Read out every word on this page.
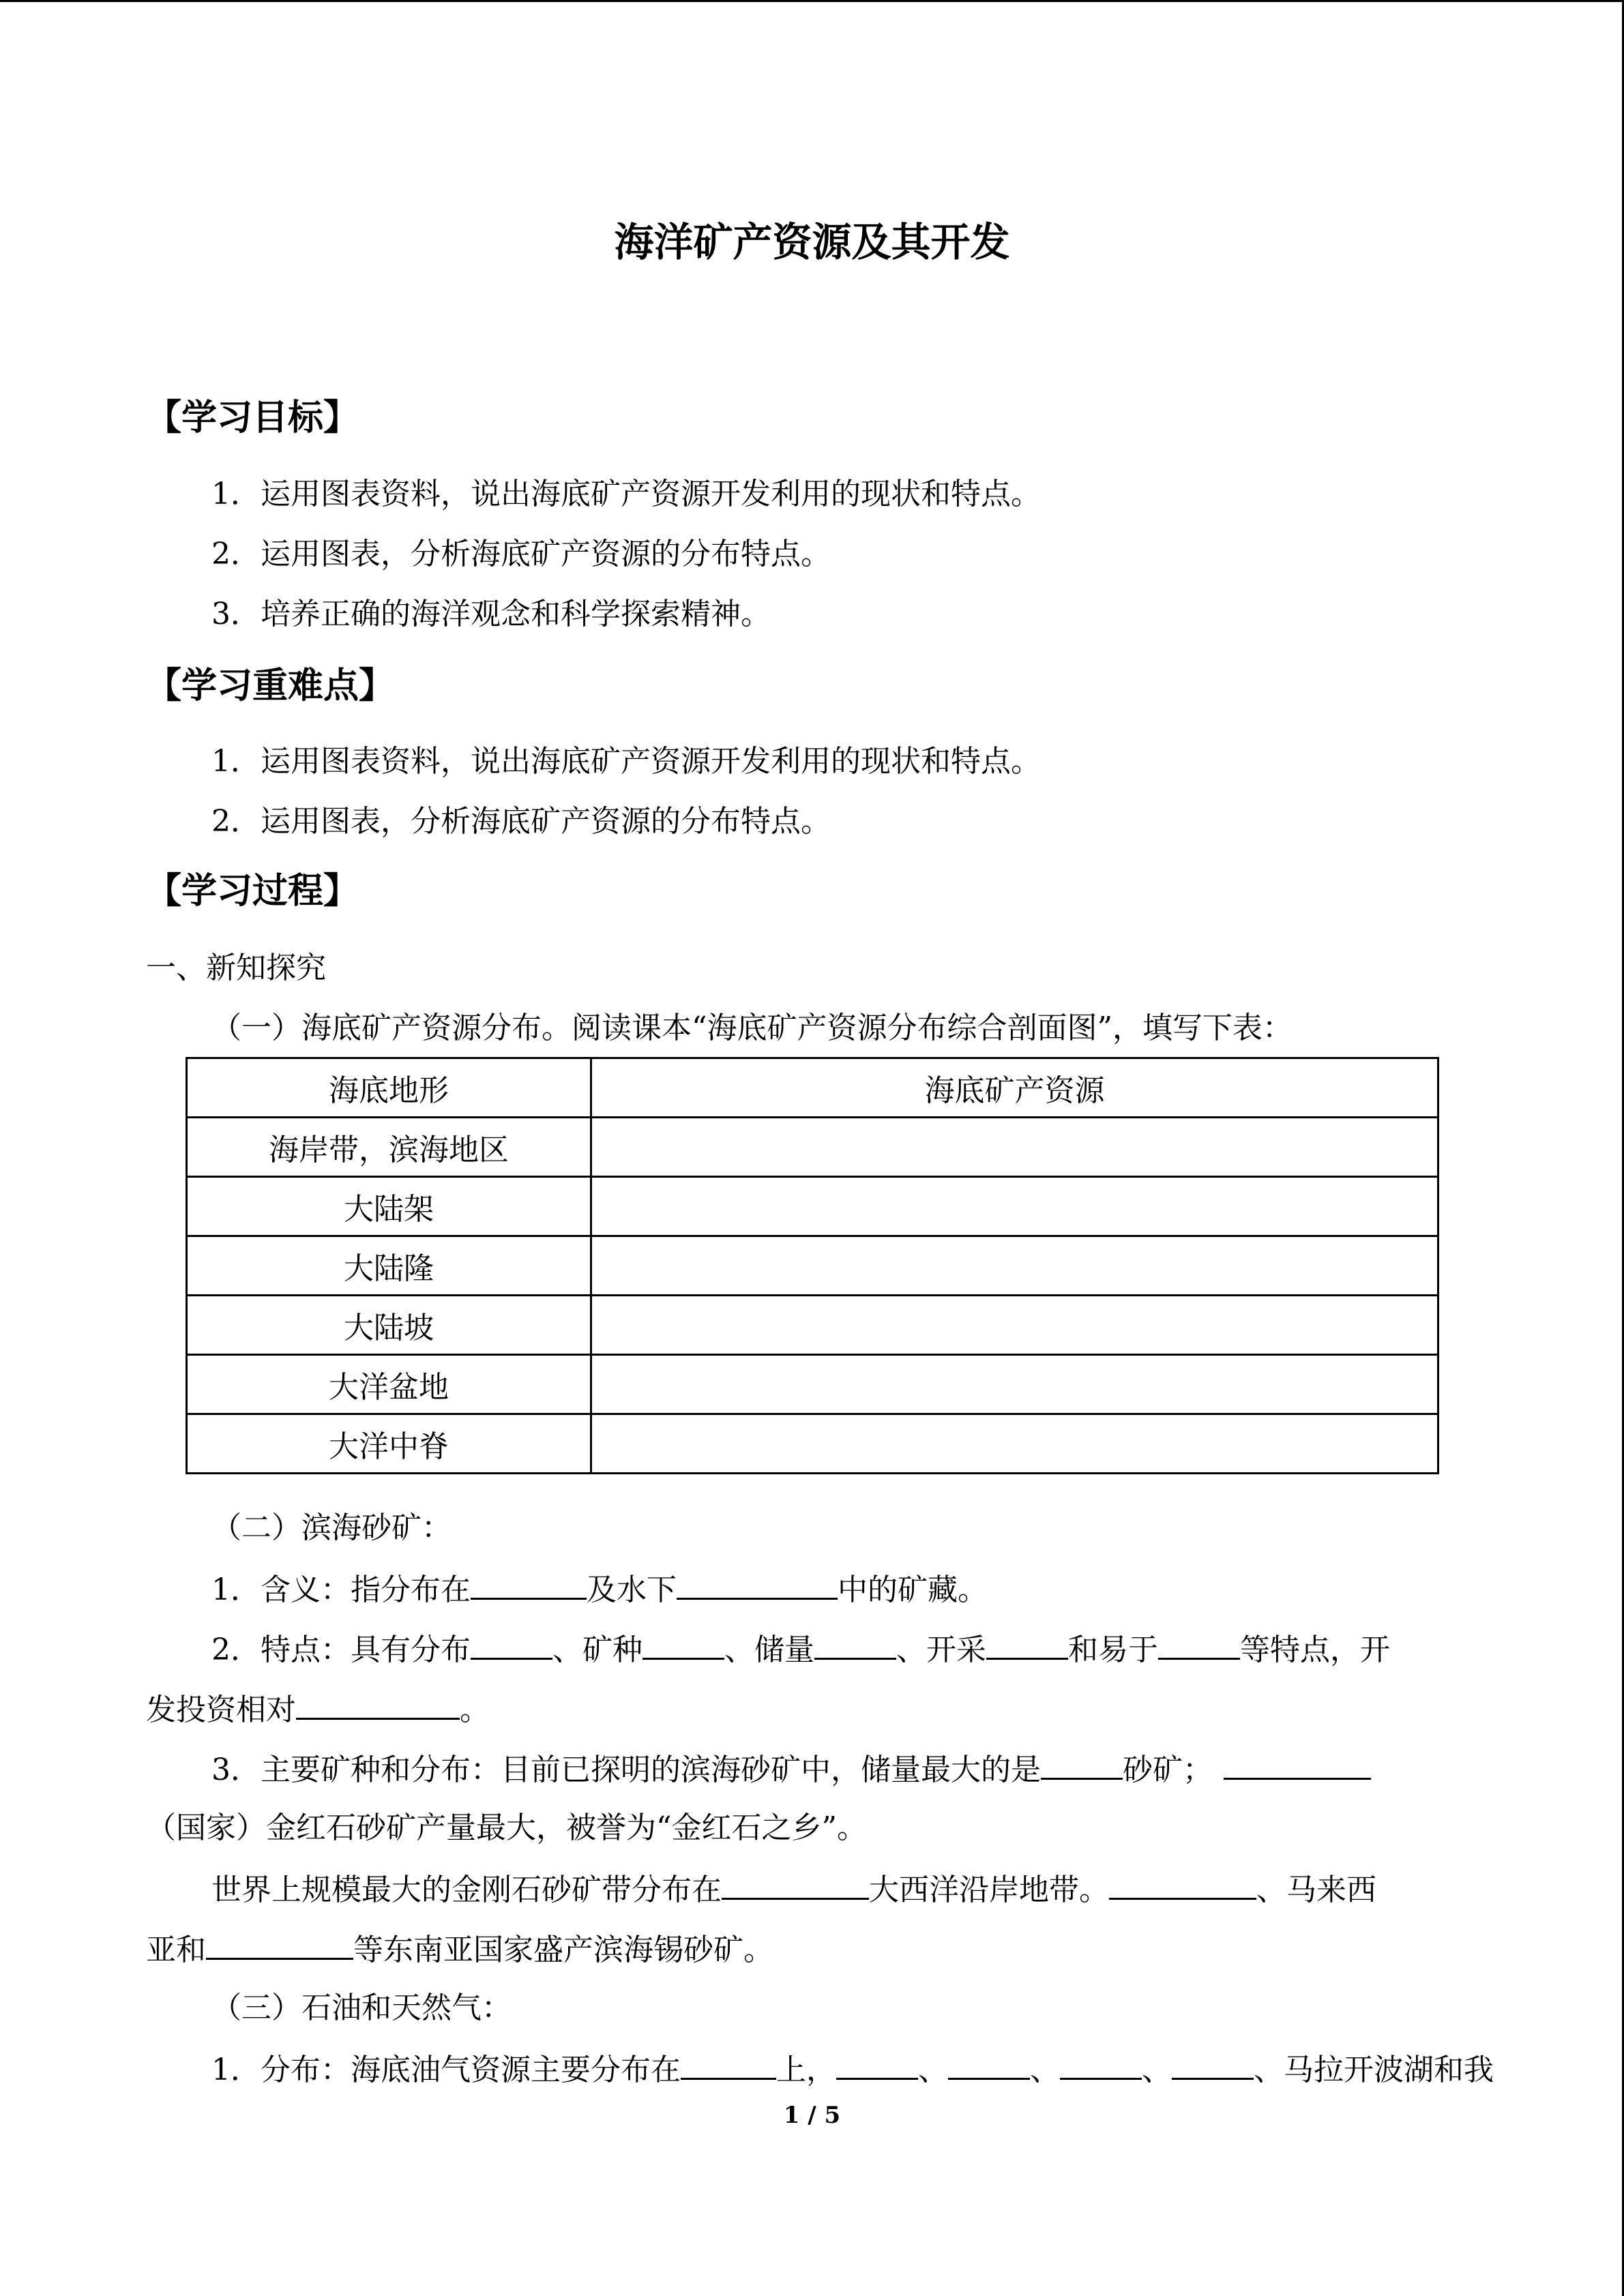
海洋矿产资源及其开发
【学习目标】
1．运用图表资料，说出海底矿产资源开发利用的现状和特点。
2．运用图表，分析海底矿产资源的分布特点。
3．培养正确的海洋观念和科学探索精神。
【学习重难点】
1．运用图表资料，说出海底矿产资源开发利用的现状和特点。
2．运用图表，分析海底矿产资源的分布特点。
【学习过程】
一、新知探究
（一）海底矿产资源分布。阅读课本“海底矿产资源分布综合剖面图”，填写下表：
海底地形	海底矿产资源
海岸带，滨海地区	
大陆架	
大陆隆	
大陆坡	
大洋盆地	
大洋中脊	
（二）滨海砂矿：
1．含义：指分布在	及水下	中的矿藏。
2．特点：具有分布	、矿种	、储量	、开采	和易于	等特点，开
发投资相对	。
3．主要矿种和分布：目前已探明的滨海砂矿中，储量最大的是	砂矿；
（国家）金红石砂矿产量最大，被誉为“金红石之乡”。
世界上规模最大的金刚石砂矿带分布在	大西洋沿岸地带。	、马来西
亚和	等东南亚国家盛产滨海锡砂矿。
（三）石油和天然气：
1．分布：海底油气资源主要分布在	上，	、	、	、	、马拉开波湖和我
1 / 5
